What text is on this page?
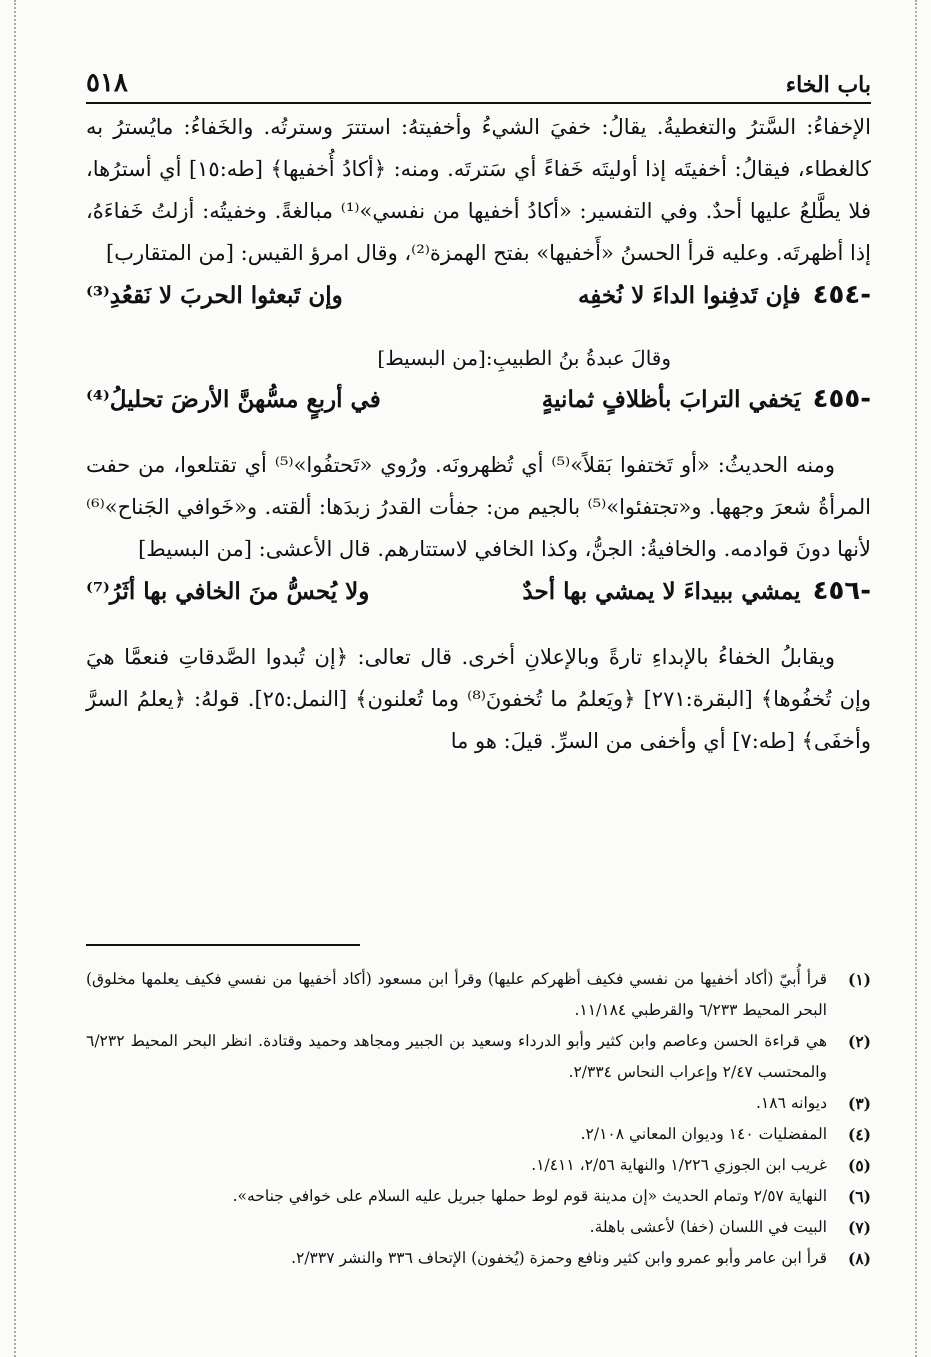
باب الخاء
٥١٨

الإخفاءُ: السَّترُ والتغطيةُ. يقالُ: خفيَ الشيءُ وأخفيتهُ: استترَ وسترتُه. والخَفاءُ: مايُسترُ به كالغطاء، فيقالُ: أخفيتَه إذا أوليتَه خَفاءً أي سَترتَه. ومنه: ﴿أكادُ أُخفيها﴾ [طه:١٥] أي أسترُها، فلا يطَّلعُ عليها أحدٌ. وفي التفسير: «أكادُ أخفيها من نفسي»⁽¹⁾ مبالغةً. وخفيتُه: أزلتُ خَفاءَهُ، إذا أظهرتَه. وعليه قرأ الحسنُ «أَخفيها» بفتح الهمزة⁽²⁾، وقال امرؤ القيس: [من المتقارب]

٤٥٤-
فإن تَدفِنوا الداءَ لا نُخفِه
وإن تَبعثوا الحربَ لا نَقعُدِ⁽³⁾
وقالَ عبدةُ بنُ الطبيبِ:[من البسيط]
٤٥٥-
يَخفي الترابَ بأظلافٍ ثمانيةٍ
في أربعٍ مسُّهنَّ الأرضَ تحليلُ⁽⁴⁾

ومنه الحديثُ: «أو تَختفوا بَقلاً»⁽⁵⁾ أي تُظهرونَه. ورُوي «تَحتفُوا»⁽⁵⁾ أي تقتلعوا، من حفت المرأةُ شعرَ وجهها. و«تجتفئوا»⁽⁵⁾ بالجيم من: جفأت القدرُ زبدَها: ألقته. و«خَوافي الجَناح»⁽⁶⁾ لأنها دونَ قوادمه. والخافيةُ: الجنُّ، وكذا الخافي لاستتارهم. قال الأعشى: [من البسيط]

٤٥٦-
يمشي ببيداءَ لا يمشي بها أحدٌ
ولا يُحسُّ منَ الخافي بها أثَرُ⁽⁷⁾

ويقابلُ الخفاءُ بالإبداءِ تارةً وبالإعلانِ أخرى. قال تعالى: ﴿إن تُبدوا الصَّدقاتِ فنعمَّا هيَ وإن تُخفُوها﴾ [البقرة:٢٧١] ﴿ويَعلمُ ما تُخفونَ⁽⁸⁾ وما تُعلنون﴾ [النمل:٢٥]. قولهُ: ﴿يعلمُ السرَّ وأخفَى﴾ [طه:٧] أي وأخفى من السرِّ. قيلَ: هو ما

(١)
قرأ أُبيّ (أكاد أخفيها من نفسي فكيف أظهركم عليها) وقرأ ابن مسعود (أكاد أخفيها من نفسي فكيف يعلمها مخلوق) البحر المحيط ٦/٢٣٣ والقرطبي ١١/١٨٤.
(٢)
هي قراءة الحسن وعاصم وابن كثير وأبو الدرداء وسعيد بن الجبير ومجاهد وحميد وقتادة. انظر البحر المحيط ٦/٢٣٢ والمحتسب ٢/٤٧ وإعراب النحاس ٢/٣٣٤.
(٣)
ديوانه ١٨٦.
(٤)
المفضليات ١٤٠ وديوان المعاني ٢/١٠٨.
(٥)
غريب ابن الجوزي ١/٢٢٦ والنهاية ٢/٥٦، ١/٤١١.
(٦)
النهاية ٢/٥٧ وتمام الحديث «إن مدينة قوم لوط حملها جبريل عليه السلام على خوافي جناحه».
(٧)
البيت في اللسان (خفا) لأعشى باهلة.
(٨)
قرأ ابن عامر وأبو عمرو وابن كثير ونافع وحمزة (يُخفون) الإتحاف ٣٣٦ والنشر ٢/٣٣٧.
